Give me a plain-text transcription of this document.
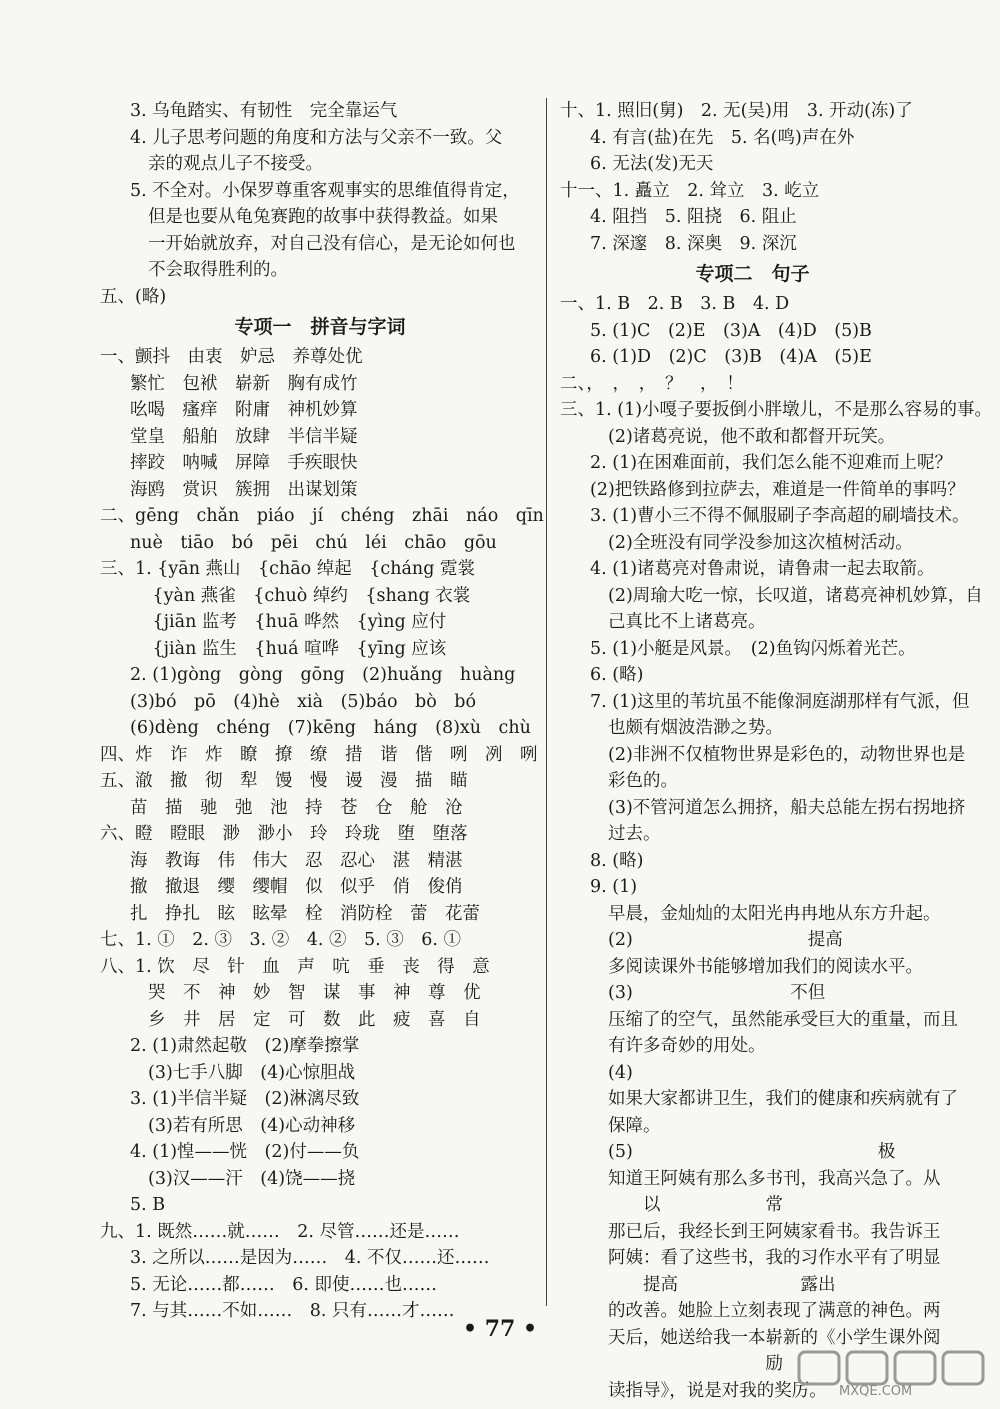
3. 乌龟踏实、有韧性　完全靠运气
4. 儿子思考问题的角度和方法与父亲不一致。父
亲的观点儿子不接受。
5. 不全对。小保罗尊重客观事实的思维值得肯定，
但是也要从龟兔赛跑的故事中获得教益。如果
一开始就放弃，对自己没有信心，是无论如何也
不会取得胜利的。
五、(略)
专项一　拼音与字词
一、颤抖　由衷　妒忌　养尊处优
繁忙　包袱　崭新　胸有成竹
吆喝　瘙痒　附庸　神机妙算
堂皇　船舶　放肆　半信半疑
摔跤　呐喊　屏障　手疾眼快
海鸥　赏识　簇拥　出谋划策
二、gēng　chǎn　piáo　jí　chéng　zhāi　náo　qīn
nuè　tiāo　bó　pēi　chú　léi　chāo　gōu
三、1. {yān 燕山　{chāo 绰起　{cháng 霓裳
　　　{yàn 燕雀　{chuò 绰约　{shang 衣裳
　　　{jiān 监考　{huā 哗然　{yìng 应付
　　　{jiàn 监生　{huá 喧哗　{yīng 应该
2. (1)gòng　gòng　gōng　(2)huǎng　huàng
(3)bó　pō　(4)hè　xià　(5)báo　bò　bó
(6)dèng　chéng　(7)kēng　háng　(8)xù　chù
四、炸　诈　炸　瞭　撩　缭　措　谐　偕　咧　冽　咧
五、澈　撤　彻　犁　馒　慢　谩　漫　描　瞄
苗　描　驰　弛　池　持　苍　仓　舱　沧
六、瞪　瞪眼　渺　渺小　玲　玲珑　堕　堕落
海　教诲　伟　伟大　忍　忍心　湛　精湛
撤　撤退　缨　缨帽　似　似乎　俏　俊俏
扎　挣扎　眩　眩晕　栓　消防栓　蕾　花蕾
七、1. ①　2. ③　3. ②　4. ②　5. ③　6. ①
八、1. 饮　尽　针　血　声　吭　垂　丧　得　意
哭　不　神　妙　智　谋　事　神　尊　优
乡　井　居　定　可　数　此　疲　喜　自
2. (1)肃然起敬　(2)摩拳擦掌
(3)七手八脚　(4)心惊胆战
3. (1)半信半疑　(2)淋漓尽致
(3)若有所思　(4)心动神移
4. (1)惶——恍　(2)付——负
(3)汉——汗　(4)饶——挠
5. B
九、1. 既然……就……　2. 尽管……还是……
3. 之所以……是因为……　4. 不仅……还……
5. 无论……都……　6. 即使……也……
7. 与其……不如……　8. 只有……才……
十、1. 照旧(舅)　2. 无(吴)用　3. 开动(冻)了
4. 有言(盐)在先　5. 名(鸣)声在外
6. 无法(发)无天
十一、1. 矗立　2. 耸立　3. 屹立
4. 阻挡　5. 阻挠　6. 阻止
7. 深邃　8. 深奥　9. 深沉
专项二　句子
一、1. B　2. B　3. B　4. D
5. (1)C　(2)E　(3)A　(4)D　(5)B
6. (1)D　(2)C　(3)B　(4)A　(5)E
二、，　，　，　？　，　！
三、1. (1)小嘎子要扳倒小胖墩儿，不是那么容易的事。
(2)诸葛亮说，他不敢和都督开玩笑。
2. (1)在困难面前，我们怎么能不迎难而上呢？
(2)把铁路修到拉萨去，难道是一件简单的事吗？
3. (1)曹小三不得不佩服刷子李高超的刷墙技术。
(2)全班没有同学没参加这次植树活动。
4. (1)诸葛亮对鲁肃说，请鲁肃一起去取箭。
(2)周瑜大吃一惊，长叹道，诸葛亮神机妙算，自
己真比不上诸葛亮。
5. (1)小艇是风景。　(2)鱼钩闪烁着光芒。
6. (略)
7. (1)这里的苇坑虽不能像洞庭湖那样有气派，但
也颇有烟波浩渺之势。
(2)非洲不仅植物世界是彩色的，动物世界也是
彩色的。
(3)不管河道怎么拥挤，船夫总能左拐右拐地挤
过去。
8. (略)
9. (1)
早晨，金灿灿的太阳光冉冉地从东方升起。
(2)　　　　　　　　　　提高
多阅读课外书能够增加我们的阅读水平。
(3)　　　　　　　　　不但
压缩了的空气，虽然能承受巨大的重量，而且
有许多奇妙的用处。
(4)
如果大家都讲卫生，我们的健康和疾病就有了
保障。
(5)　　　　　　　　　　　　　　极
知道王阿姨有那么多书刊，我高兴急了。从
　　以　　　　　　常
那已后，我经长到王阿姨家看书。我告诉王
阿姨：看了这些书，我的习作水平有了明显
　　提高　　　　　　　露出
的改善。她脸上立刻表现了满意的神色。两
天后，她送给我一本崭新的《小学生课外阅
　　　　　　　　　励
读指导》，说是对我的奖厉。
• 77 •
MXQE.COM
